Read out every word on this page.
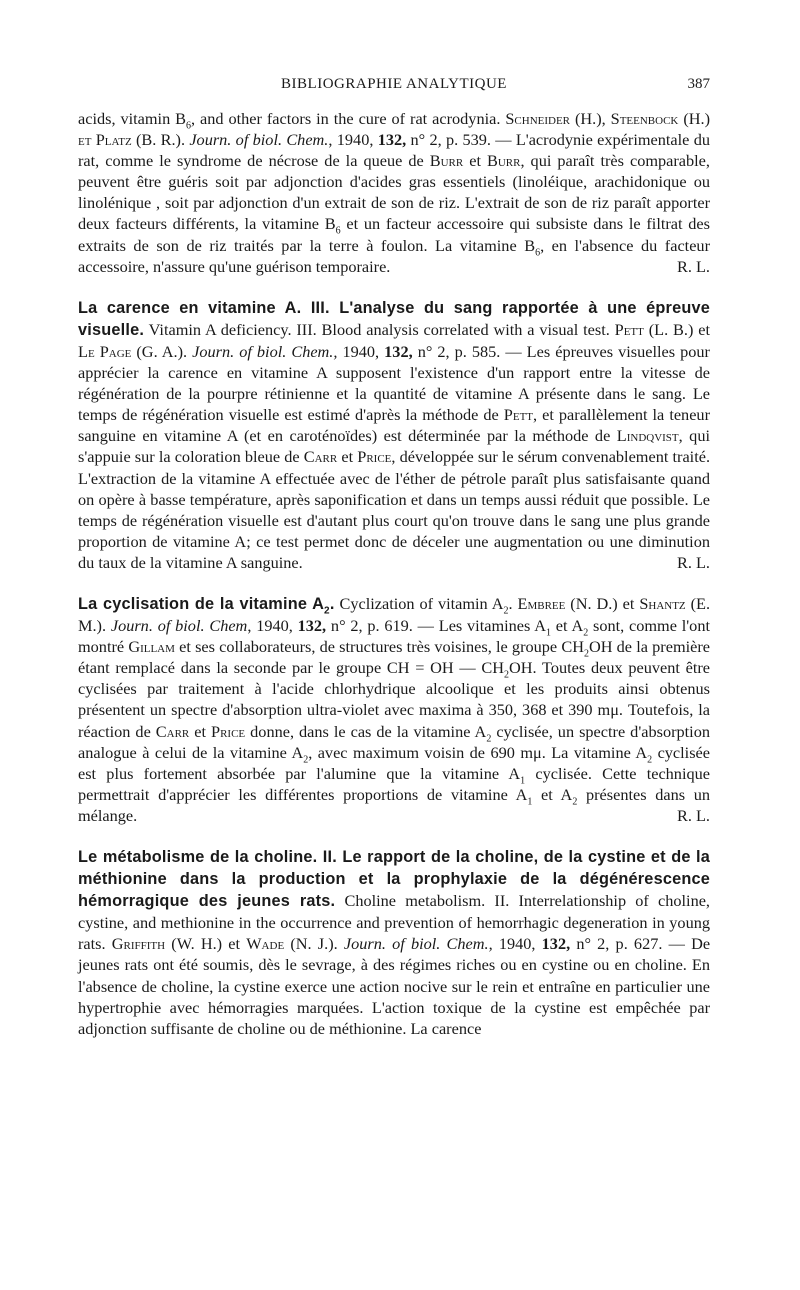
BIBLIOGRAPHIE ANALYTIQUE	387

acids, vitamin $B_6$, and other factors in the cure of rat acrodynia. Schneider (H.), Steenbock (H.) et Platz (B. R.). Journ. of biol. Chem., 1940, 132, n° 2, p. 539. — L'acrodynie expérimentale du rat, comme le syndrome de nécrose de la queue de Burr et Burr, qui paraît très comparable, peuvent être guéris soit par adjonction d'acides gras essentiels (linoléique, arachidonique ou linolénique , soit par adjonction d'un extrait de son de riz. L'extrait de son de riz paraît apporter deux facteurs différents, la vitamine $B_6$ et un facteur accessoire qui subsiste dans le filtrat des extraits de son de riz traités par la terre à foulon. La vitamine $B_6$, en l'absence du facteur accessoire, n'assure qu'une guérison temporaire.	R. L.

La carence en vitamine A. III. L'analyse du sang rapportée à une épreuve visuelle. Vitamin A deficiency. III. Blood analysis correlated with a visual test. Pett (L. B.) et Le Page (G. A.). Journ. of biol. Chem., 1940, 132, n° 2, p. 585. — Les épreuves visuelles pour apprécier la carence en vitamine A supposent l'existence d'un rapport entre la vitesse de régénération de la pourpre rétinienne et la quantité de vitamine A présente dans le sang. Le temps de régénération visuelle est estimé d'après la méthode de Pett, et parallèlement la teneur sanguine en vitamine A (et en caroténoïdes) est déterminée par la méthode de Lindqvist, qui s'appuie sur la coloration bleue de Carr et Price, développée sur le sérum convenablement traité. L'extraction de la vitamine A effectuée avec de l'éther de pétrole paraît plus satisfaisante quand on opère à basse température, après saponification et dans un temps aussi réduit que possible. Le temps de régénération visuelle est d'autant plus court qu'on trouve dans le sang une plus grande proportion de vitamine A; ce test permet donc de déceler une augmentation ou une diminution du taux de la vitamine A sanguine.	R. L.

La cyclisation de la vitamine $A_2$. Cyclization of vitamin $A_2$. Embree (N. D.) et Shantz (E. M.). Journ. of biol. Chem, 1940, 132, n° 2, p. 619. — Les vitamines $A_1$ et $A_2$ sont, comme l'ont montré Gillam et ses collaborateurs, de structures très voisines, le groupe $CH_2OH$ de la première étant remplacé dans la seconde par le groupe CH = OH — $CH_2OH$. Toutes deux peuvent être cyclisées par traitement à l'acide chlorhydrique alcoolique et les produits ainsi obtenus présentent un spectre d'absorption ultra-violet avec maxima à 350, 368 et 390 mμ. Toutefois, la réaction de Carr et Price donne, dans le cas de la vitamine $A_2$ cyclisée, un spectre d'absorption analogue à celui de la vitamine $A_2$, avec maximum voisin de 690 mμ. La vitamine $A_2$ cyclisée est plus fortement absorbée par l'alumine que la vitamine $A_1$ cyclisée. Cette technique permettrait d'apprécier les différentes proportions de vitamine $A_1$ et $A_2$ présentes dans un mélange.	R. L.

Le métabolisme de la choline. II. Le rapport de la choline, de la cystine et de la méthionine dans la production et la prophylaxie de la dégénérescence hémorragique des jeunes rats. Choline metabolism. II. Interrelationship of choline, cystine, and methionine in the occurrence and prevention of hemorrhagic degeneration in young rats. Griffith (W. H.) et Wade (N. J.). Journ. of biol. Chem., 1940, 132, n° 2, p. 627. — De jeunes rats ont été soumis, dès le sevrage, à des régimes riches ou en cystine ou en choline. En l'absence de choline, la cystine exerce une action nocive sur le rein et entraîne en particulier une hypertrophie avec hémorragies marquées. L'action toxique de la cystine est empêchée par adjonction suffisante de choline ou de méthionine. La carence
